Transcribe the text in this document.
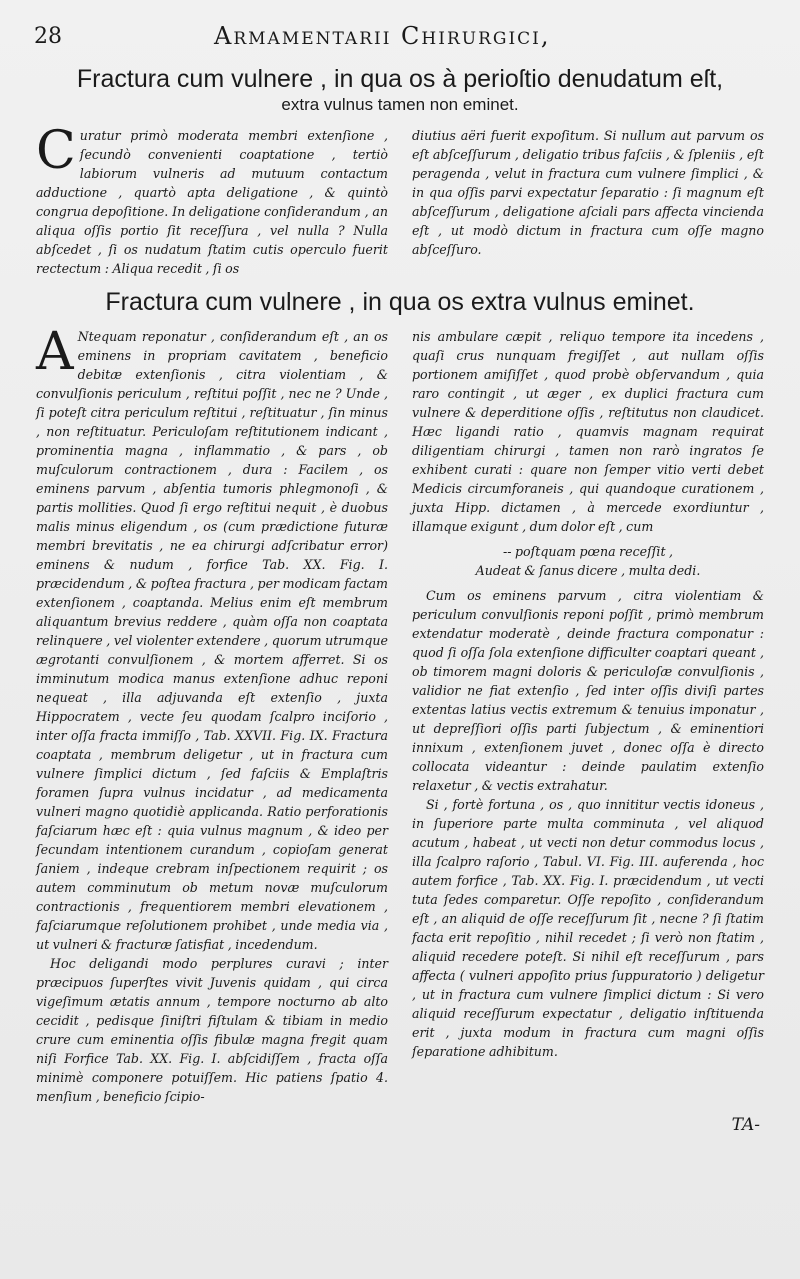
28	Armamentarii Chirurgici,
Fractura cum vulnere , in qua os à perioſtio denudatum eſt,
extra vulnus tamen non eminet.

Curatur primò moderata membri extenſione , ſecundò convenienti coaptatione , tertiò labiorum vulneris ad mutuum contactum adductione , quartò apta deligatione , & quintò congrua depoſitione. In deligatione conſiderandum , an aliqua oſſis portio ſit receſſura , vel nulla ? Nulla abſcedet , ſi os nudatum ſtatim cutis operculo fuerit rectectum : Aliqua recedit , ſi os

diutius aëri fuerit expoſitum. Si nullum aut parvum os eſt abſceſſurum , deligatio tribus faſciis , & ſpleniis , eſt peragenda , velut in fractura cum vulnere ſimplici , & in qua oſſis parvi expectatur ſeparatio : ſi magnum eſt abſceſſurum , deligatione aſciali pars affecta vincienda eſt , ut modò dictum in fractura cum oſſe magno abſceſſuro.

Fractura cum vulnere , in qua os extra vulnus eminet.

A Ntequam reponatur , conſiderandum eſt , an os eminens in propriam cavitatem , beneficio debitæ extenſionis , citra violentiam , & convulſionis periculum , reſtitui poſſit , nec ne ? Unde , ſi poteſt citra periculum reſtitui , reſtituatur , ſin minus , non reſtituatur. Periculoſam reſtitutionem indicant , prominentia magna , inflammatio , & pars , ob muſculorum contractionem , dura : Facilem , os eminens parvum , abſentia tumoris phlegmonoſi , & partis mollities. Quod ſi ergo reſtitui nequit , è duobus malis minus eligendum , os (cum prædictione futuræ membri brevitatis , ne ea chirurgi adſcribatur error) eminens & nudum , forfice Tab. XX. Fig. I. præcidendum , & poſtea fractura , per modicam factam extenſionem , coaptanda. Melius enim eſt membrum aliquantum brevius reddere , quàm oſſa non coaptata relinquere , vel violenter extendere , quorum utrumque ægrotanti convulſionem , & mortem afferret. Si os imminutum modica manus extenſione adhuc reponi nequeat , illa adjuvanda eſt extenſio , juxta Hippocratem , vecte ſeu quodam ſcalpro inciſorio , inter oſſa fracta immiſſo , Tab. XXVII. Fig. IX. Fractura coaptata , membrum deligetur , ut in fractura cum vulnere ſimplici dictum , ſed faſciis & Emplaſtris foramen ſupra vulnus incidatur , ad medicamenta vulneri magno quotidiè applicanda. Ratio perforationis faſciarum hæc eſt : quia vulnus magnum , & ideo per ſecundam intentionem curandum , copioſam generat ſaniem , indeque crebram inſpectionem requirit ; os autem comminutum ob metum novæ muſculorum contractionis , frequentiorem membri elevationem , faſciarumque reſolutionem prohibet , unde media via , ut vulneri & fracturæ ſatisfiat , incedendum.

Hoc deligandi modo perplures curavi ; inter præcipuos ſuperſtes vivit Juvenis quidam , qui circa vigeſimum ætatis annum , tempore nocturno ab alto cecidit , pedisque ſiniſtri fiſtulam & tibiam in medio crure cum eminentia oſſis fibulæ magna fregit quam niſi Forfice Tab. XX. Fig. I. abſcidiſſem , fracta oſſa minimè componere potuiſſem. Hic patiens ſpatio 4. menſium , beneficio ſcipio-

nis ambulare cæpit , reliquo tempore ita incedens , quaſi crus nunquam fregiſſet , aut nullam oſſis portionem amiſiſſet , quod probè obſervandum , quia raro contingit , ut æger , ex duplici fractura cum vulnere & deperditione oſſis , reſtitutus non claudicet. Hæc ligandi ratio , quamvis magnam requirat diligentiam chirurgi , tamen non rarò ingratos ſe exhibent curati : quare non ſemper vitio verti debet Medicis circumforaneis , qui quandoque curationem , juxta Hipp. dictamen , à mercede exordiuntur , illamque exigunt , dum dolor eſt , cum

-- poſtquam pœna receſſit ,
Audeat & ſanus dicere , multa dedi.

Cum os eminens parvum , citra violentiam & periculum convulſionis reponi poſſit , primò membrum extendatur moderatè , deinde fractura componatur : quod ſi oſſa ſola extenſione difficulter coaptari queant , ob timorem magni doloris & periculoſæ convulſionis , validior ne fiat extenſio , ſed inter oſſis diviſi partes extentas latius vectis extremum & tenuius imponatur , ut depreſſiori oſſis parti ſubjectum , & eminentiori innixum , extenſionem juvet , donec oſſa è directo collocata videantur : deinde paulatim extenſio relaxetur , & vectis extrahatur.

Si , fortè fortuna , os , quo innititur vectis idoneus , in ſuperiore parte multa comminuta , vel aliquod acutum , habeat , ut vecti non detur commodus locus , illa ſcalpro raſorio , Tabul. VI. Fig. III. auferenda , hoc autem forfice , Tab. XX. Fig. I. præcidendum , ut vecti tuta ſedes comparetur. Oſſe repoſito , conſiderandum eſt , an aliquid de oſſe receſſurum ſit , necne ? ſi ſtatim facta erit repoſitio , nihil recedet ; ſi verò non ſtatim , aliquid recedere poteſt. Si nihil eſt receſſurum , pars affecta ( vulneri appoſito prius ſuppuratorio ) deligetur , ut in fractura cum vulnere ſimplici dictum : Si vero aliquid receſſurum expectatur , deligatio inſtituenda erit , juxta modum in fractura cum magni oſſis ſeparatione adhibitum.

TA-
